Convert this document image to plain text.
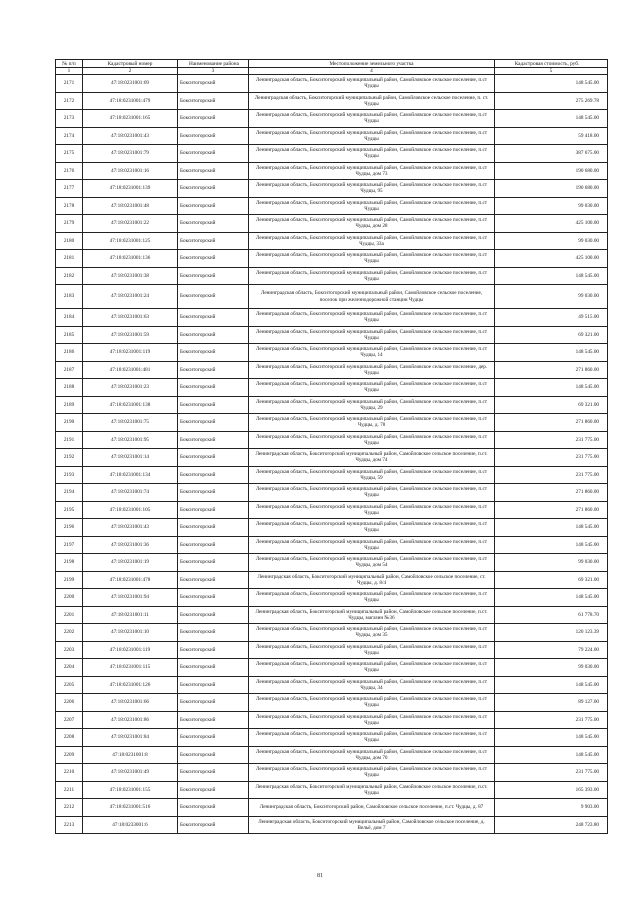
№ п/п	Кадастровый номер	Наименование района	Местоположение земельного участка	Кадастровая стоимость, руб.
1	2	3	4	5
2171	47:18:0231001:69	Бокситогорский	Ленинградская область, Бокситогорский муниципальный район, Самойловское сельское поселение, п.ст Чудцы	148 545.00
2172	47:18:0231001:479	Бокситогорский	Ленинградская область, Бокситогорский муниципальный район, Самойловское сельское поселение, п. ст. Чудцы	275 269.78
2173	47:18:0231001:165	Бокситогорский	Ленинградская область, Бокситогорский муниципальный район, Самойловское сельское поселение, п.ст Чудцы	148 545.00
2174	47:18:0231001:43	Бокситогорский	Ленинградская область, Бокситогорский муниципальный район, Самойловское сельское поселение, п.ст Чудцы	59 418.00
2175	47:18:0231001:79	Бокситогорский	Ленинградская область, Бокситогорский муниципальный район, Самойловское сельское поселение, п.ст Чудцы	387 675.00
2176	47:18:0231001:16	Бокситогорский	Ленинградская область, Бокситогорский муниципальный район, Самойловское сельское поселение, п.ст Чудцы, дом 73	190 680.00
2177	47:18:0231001:139	Бокситогорский	Ленинградская область, Бокситогорский муниципальный район, Самойловское сельское поселение, п.ст Чудцы, 95	190 680.00
2178	47:18:0231001:48	Бокситогорский	Ленинградская область, Бокситогорский муниципальный район, Самойловское сельское поселение, п.ст Чудцы	99 030.00
2179	47:18:0231001:22	Бокситогорский	Ленинградская область, Бокситогорский муниципальный район, Самойловское сельское поселение, п.ст Чудцы, дом 28	425 100.00
2180	47:18:0231001:125	Бокситогорский	Ленинградская область, Бокситогорский муниципальный район, Самойловское сельское поселение, п.ст Чудцы, 33а	99 030.00
2181	47:18:0231001:136	Бокситогорский	Ленинградская область, Бокситогорский муниципальный район, Самойловское сельское поселение, п.ст Чудцы	425 100.00
2182	47:18:0231001:38	Бокситогорский	Ленинградская область, Бокситогорский муниципальный район, Самойловское сельское поселение, п.ст Чудцы	148 545.00
2183	47:18:0231001:24	Бокситогорский	Ленинградская область, Бокситогорский муниципальный район, Самойловское сельское поселение, поселок при железнодорожной станции Чудцы	99 030.00
2184	47:18:0231001:63	Бокситогорский	Ленинградская область, Бокситогорский муниципальный район, Самойловское сельское поселение, п.ст Чудцы	49 515.00
2185	47:18:0231001:59	Бокситогорский	Ленинградская область, Бокситогорский муниципальный район, Самойловское сельское поселение, п.ст Чудцы	69 321.00
2186	47:18:0231001:119	Бокситогорский	Ленинградская область, Бокситогорский муниципальный район, Самойловское сельское поселение, п.ст Чудцы, 14	148 545.00
2187	47:18:0231001:481	Бокситогорский	Ленинградская область, Бокситогорский муниципальный район, Самойловское сельское поселение, дер. Чудцы	271 860.00
2188	47:18:0231001:23	Бокситогорский	Ленинградская область, Бокситогорский муниципальный район, Самойловское сельское поселение, п.ст Чудцы	148 545.00
2189	47:18:0231001:138	Бокситогорский	Ленинградская область, Бокситогорский муниципальный район, Самойловское сельское поселение, п.ст Чудцы, 29	69 321.00
2190	47:18:0231001:75	Бокситогорский	Ленинградская область, Бокситогорский муниципальный район, Самойловское сельское поселение, п.ст Чудцы, д. 78	271 860.00
2191	47:18:0231001:95	Бокситогорский	Ленинградская область, Бокситогорский муниципальный район, Самойловское сельское поселение, п.ст Чудцы	231 775.00
2192	47:18:0231001:14	Бокситогорский	Ленинградская область, Бокситогорский муниципальный район, Самойловское сельское поселение, п.ст. Чудцы, дом 74	231 775.00
2193	47:18:0231001:134	Бокситогорский	Ленинградская область, Бокситогорский муниципальный район, Самойловское сельское поселение, п.ст Чудцы, 59	231 775.00
2194	47:18:0231001:74	Бокситогорский	Ленинградская область, Бокситогорский муниципальный район, Самойловское сельское поселение, п.ст Чудцы	271 860.00
2195	47:18:0231001:105	Бокситогорский	Ленинградская область, Бокситогорский муниципальный район, Самойловское сельское поселение, п.ст Чудцы	271 860.00
2196	47:18:0231001:43	Бокситогорский	Ленинградская область, Бокситогорский муниципальный район, Самойловское сельское поселение, п.ст Чудцы	148 545.00
2197	47:18:0231001:36	Бокситогорский	Ленинградская область, Бокситогорский муниципальный район, Самойловское сельское поселение, п.ст Чудцы	148 545.00
2198	47:18:0231001:19	Бокситогорский	Ленинградская область, Бокситогорский муниципальный район, Самойловское сельское поселение, п.ст Чудцы, дом 54	99 030.00
2199	47:18:0231001:478	Бокситогорский	Ленинградская область, Бокситогорский муниципальный район, Самойловское сельское поселение, ст. Чудцы, д. 8/4	69 321.00
2200	47:18:0231001:94	Бокситогорский	Ленинградская область, Бокситогорский муниципальный район, Самойловское сельское поселение, п.ст Чудцы	148 545.00
2201	47:18:0231001:11	Бокситогорский	Ленинградская область, Бокситогорский муниципальный район, Самойловское сельское поселение, п.ст. Чудцы, магазин №36	61 778.70
2202	47:18:0231001:10	Бокситогорский	Ленинградская область, Бокситогорский муниципальный район, Самойловское сельское поселение, п.ст Чудцы, дом 35	120 123.39
2203	47:18:0231001:119	Бокситогорский	Ленинградская область, Бокситогорский муниципальный район, Самойловское сельское поселение, п.ст Чудцы	79 224.00
2204	47:18:0231001:115	Бокситогорский	Ленинградская область, Бокситогорский муниципальный район, Самойловское сельское поселение, п.ст Чудцы	99 030.00
2205	47:18:0231001:126	Бокситогорский	Ленинградская область, Бокситогорский муниципальный район, Самойловское сельское поселение, п.ст Чудцы, 34	148 545.00
2206	47:18:0231001:66	Бокситогорский	Ленинградская область, Бокситогорский муниципальный район, Самойловское сельское поселение, п.ст Чудцы	89 127.00
2207	47:18:0231001:86	Бокситогорский	Ленинградская область, Бокситогорский муниципальный район, Самойловское сельское поселение, п.ст Чудцы	231 775.00
2208	47:18:0231001:84	Бокситогорский	Ленинградская область, Бокситогорский муниципальный район, Самойловское сельское поселение, п.ст Чудцы	148 545.00
2209	47:18:0231001:8	Бокситогорский	Ленинградская область, Бокситогорский муниципальный район, Самойловское сельское поселение, п.ст Чудцы, дом 70	148 545.00
2210	47:18:0231001:49	Бокситогорский	Ленинградская область, Бокситогорский муниципальный район, Самойловское сельское поселение, п.ст Чудцы	231 775.00
2211	47:18:0231001:155	Бокситогорский	Ленинградская область, Бокситогорский муниципальный район, Самойловское сельское поселение, п.ст. Чудцы	165 393.00
2212	47:18:0231001:516	Бокситогорский	Ленинградская область, Бокситогорский район, Самойловское сельское поселение, п.ст. Чудцы, д. 87	9 903.00
2213	47:18:0233001:6	Бокситогорский	Ленинградская область, Бокситогорский муниципальный район, Самойловское сельское поселение, д. Вельё, дом 7	248 723.80
81
